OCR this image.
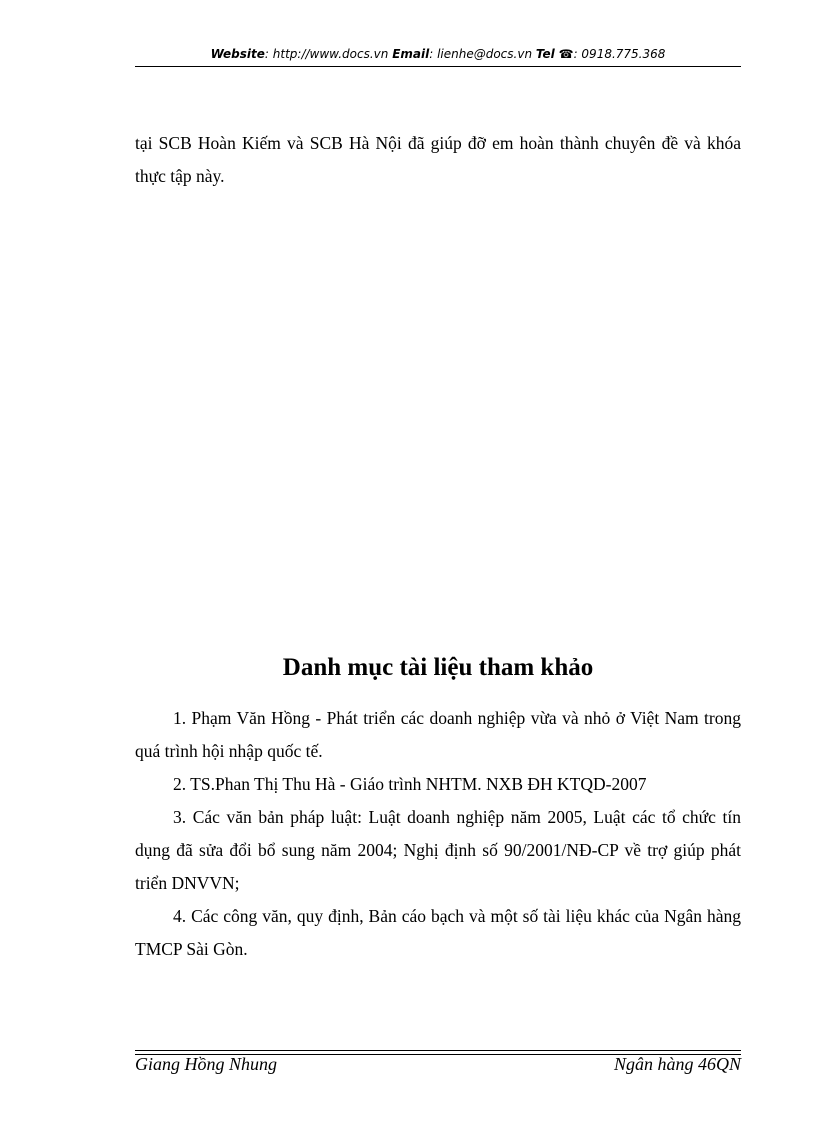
Website: http://www.docs.vn Email: lienhe@docs.vn Tel ☎: 0918.775.368
tại SCB Hoàn Kiếm và SCB Hà Nội đã giúp đỡ em hoàn thành chuyên đề và khóa thực tập này.
Danh mục tài liệu tham khảo

1. Phạm Văn Hồng - Phát triển các doanh nghiệp vừa và nhỏ ở Việt Nam trong quá trình hội nhập quốc tế.

2. TS.Phan Thị Thu Hà - Giáo trình NHTM. NXB ĐH KTQD-2007

3. Các văn bản pháp luật: Luật doanh nghiệp năm 2005, Luật các tổ chức tín dụng đã sửa đổi bổ sung năm 2004; Nghị định số 90/2001/NĐ-CP về trợ giúp phát triển DNVVN;

4. Các công văn, quy định, Bản cáo bạch và một số tài liệu khác của Ngân hàng TMCP Sài Gòn.

Giang Hồng Nhung	Ngân hàng 46QN
